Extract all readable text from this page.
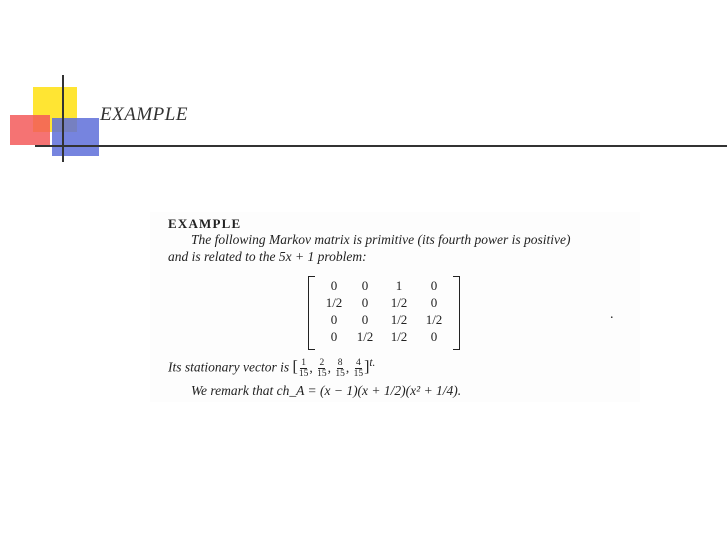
EXAMPLE
EXAMPLE
The following Markov matrix is primitive (its fourth power is positive)
and is related to the 5x + 1 problem:
0	0	1	0
1/2	0	1/2	0
0	0	1/2	1/2
0	1/2	1/2	0
.
Its stationary vector is [ $\frac{1}{15}$ , $\frac{2}{15}$ , $\frac{8}{15}$ , $\frac{4}{15} ]^{t.}$
We remark that ch_A = (x − 1)(x + 1/2)(x² + 1/4).
